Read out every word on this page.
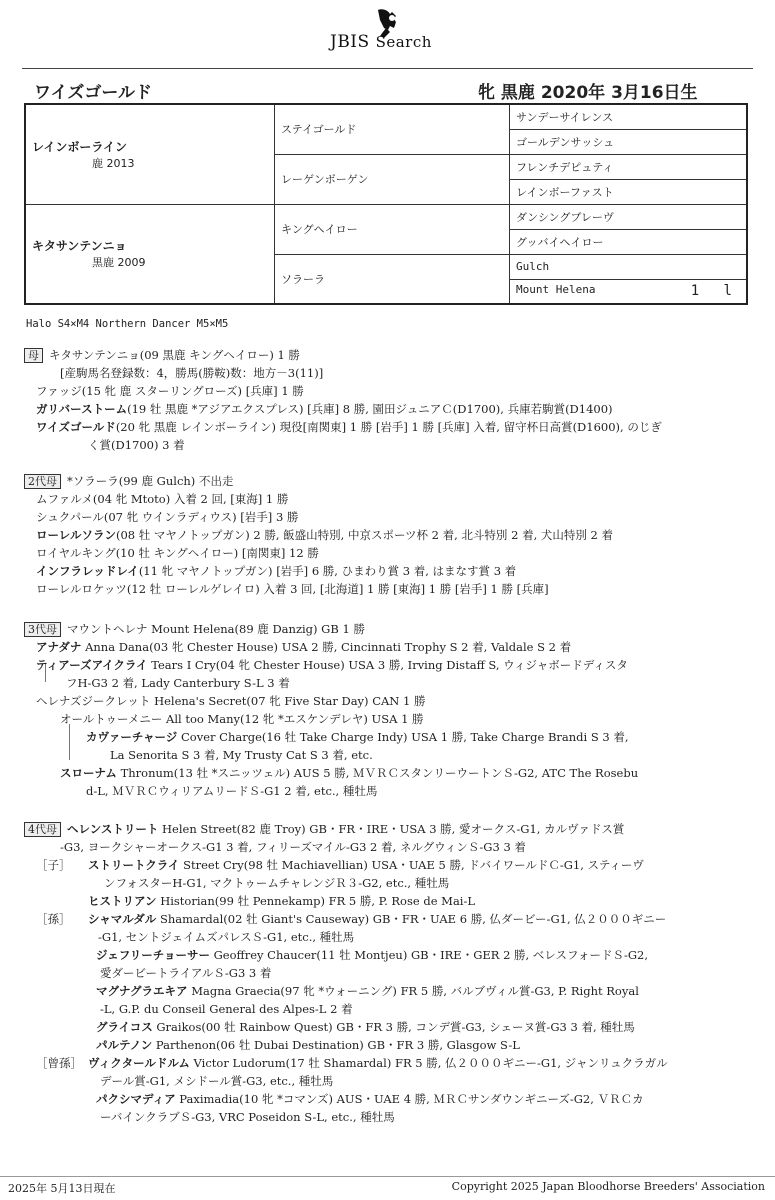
JBIS Search
ワイズゴールド	牝 黒鹿 2020年 3月16日生
レインボーライン
鹿 2013	ステイゴールド	サンデーサイレンス
		ゴールデンサッシュ
	レーゲンボーゲン	フレンチデピュティ
		レインボーファスト

キタサンテンニョ
黒鹿 2009	キングヘイロー	ダンシングブレーヴ
		グッバイヘイロー
	ソラーラ	Gulch
		Mount Helena 1 l
Halo S4×M4 Northern Dancer M5×M5
母 キタサンテンニョ(09 黒鹿 キングヘイロー) 1 勝
[産駒馬名登録数：4，勝馬(勝鞍)数：地方－3(11)]
ファッジ(15 牝 鹿 スターリングローズ) [兵庫] 1 勝
ガリバーストーム(19 牡 黒鹿 *アジアエクスプレス) [兵庫] 8 勝, 園田ジュニアＣ(D1700), 兵庫若駒賞(D1400)
ワイズゴールド(20 牝 黒鹿 レインボーライン) 現役[南関東] 1 勝 [岩手] 1 勝 [兵庫] 入着, 留守杯日高賞(D1600), のじぎ
く賞(D1700) 3 着
2代母 *ソラーラ(99 鹿 Gulch) 不出走
ムファルメ(04 牝 Mtoto) 入着 2 回, [東海] 1 勝
シュクパール(07 牝 ウインラディウス) [岩手] 3 勝
ローレルソラン(08 牡 マヤノトップガン) 2 勝, 飯盛山特別, 中京スポーツ杯 2 着, 北斗特別 2 着, 犬山特別 2 着
ロイヤルキング(10 牡 キングヘイロー) [南関東] 12 勝
インフラレッドレイ(11 牝 マヤノトップガン) [岩手] 6 勝, ひまわり賞 3 着, はまなす賞 3 着
ローレルロケッツ(12 牡 ローレルゲレイロ) 入着 3 回, [北海道] 1 勝 [東海] 1 勝 [岩手] 1 勝 [兵庫]
3代母 マウントヘレナ Mount Helena(89 鹿 Danzig) GB 1 勝
アナダナ Anna Dana(03 牝 Chester House) USA 2 勝, Cincinnati Trophy S 2 着, Valdale S 2 着
ティアーズアイクライ Tears I Cry(04 牝 Chester House) USA 3 勝, Irving Distaff S, ウィジャボードディスタ
フH-G3 2 着, Lady Canterbury S-L 3 着
ヘレナズジークレット Helena's Secret(07 牝 Five Star Day) CAN 1 勝
オールトゥーメニー All too Many(12 牝 *エスケンデレヤ) USA 1 勝
カヴァーチャージ Cover Charge(16 牡 Take Charge Indy) USA 1 勝, Take Charge Brandi S 3 着,
La Senorita S 3 着, My Trusty Cat S 3 着, etc.
スローナム Thronum(13 牡 *スニッツェル) AUS 5 勝, ＭＶＲＣスタンリーウートンＳ-G2, ATC The Rosebu
d-L, ＭＶＲＣウィリアムリードＳ-G1 2 着, etc., 種牡馬
4代母 ヘレンストリート Helen Street(82 鹿 Troy) GB・FR・IRE・USA 3 勝, 愛オークス-G1, カルヴァドス賞
-G3, ヨークシャーオークス-G1 3 着, フィリーズマイル-G3 2 着, ネルグウィンＳ-G3 3 着
［子］ ストリートクライ Street Cry(98 牡 Machiavellian) USA・UAE 5 勝, ドバイワールドＣ-G1, スティーヴ
ンフォスターH-G1, マクトゥームチャレンジＲ３-G2, etc., 種牡馬
ヒストリアン Historian(99 牡 Pennekamp) FR 5 勝, P. Rose de Mai-L
［孫］ シャマルダル Shamardal(02 牡 Giant's Causeway) GB・FR・UAE 6 勝, 仏ダービー-G1, 仏２０００ギニー
-G1, セントジェイムズパレスＳ-G1, etc., 種牡馬
ジェフリーチョーサー Geoffrey Chaucer(11 牡 Montjeu) GB・IRE・GER 2 勝, ベレスフォードＳ-G2,
愛ダービートライアルＳ-G3 3 着
マグナグラエキア Magna Graecia(97 牝 *ウォーニング) FR 5 勝, バルブヴィル賞-G3, P. Right Royal
-L, G.P. du Conseil General des Alpes-L 2 着
グライコス Graikos(00 牡 Rainbow Quest) GB・FR 3 勝, コンデ賞-G3, シェーヌ賞-G3 3 着, 種牡馬
パルテノン Parthenon(06 牡 Dubai Destination) GB・FR 3 勝, Glasgow S-L
［曾孫］ ヴィクタールドルム Victor Ludorum(17 牡 Shamardal) FR 5 勝, 仏２０００ギニー-G1, ジャンリュクラガル
デール賞-G1, メシドール賞-G3, etc., 種牡馬
パクシマディア Paximadia(10 牝 *コマンズ) AUS・UAE 4 勝, ＭＲＣサンダウンギニーズ-G2, ＶＲＣカ
ーバインクラブＳ-G3, VRC Poseidon S-L, etc., 種牡馬
2025年 5月13日現在	Copyright 2025 Japan Bloodhorse Breeders' Association
